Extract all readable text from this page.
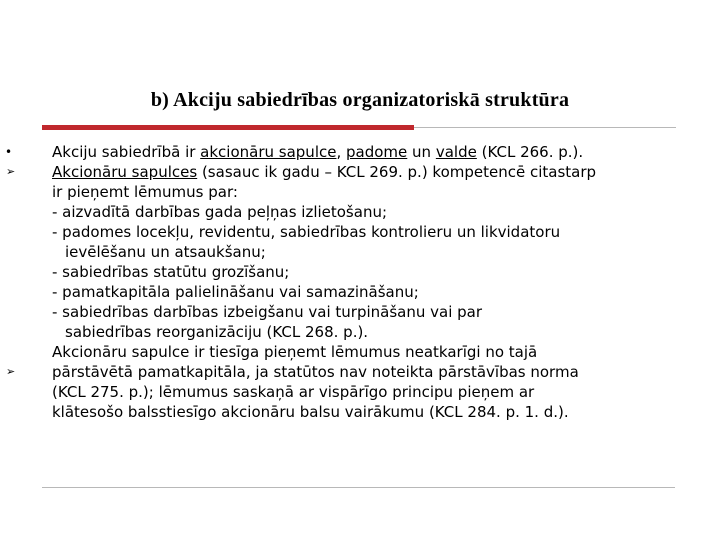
b) Akciju sabiedrības organizatoriskā struktūra
•
➢
➢
Akciju sabiedrībā ir akcionāru sapulce, padome un valde (KCL 266. p.).
Akcionāru sapulces (sasauc ik gadu – KCL 269. p.) kompetencē citastarp
ir pieņemt lēmumus par:
- aizvadītā darbības gada peļņas izlietošanu;
- padomes locekļu, revidentu, sabiedrības kontrolieru un likvidatoru
ievēlēšanu un atsaukšanu;
- sabiedrības statūtu grozīšanu;
- pamatkapitāla palielināšanu vai samazināšanu;
- sabiedrības darbības izbeigšanu vai turpināšanu vai par
sabiedrības reorganizāciju (KCL 268. p.).
Akcionāru sapulce ir tiesīga pieņemt lēmumus neatkarīgi no tajā
pārstāvētā pamatkapitāla, ja statūtos nav noteikta pārstāvības norma
(KCL 275. p.); lēmumus saskaņā ar vispārīgo principu pieņem ar
klātesošo balsstiesīgo akcionāru balsu vairākumu (KCL 284. p. 1. d.).
